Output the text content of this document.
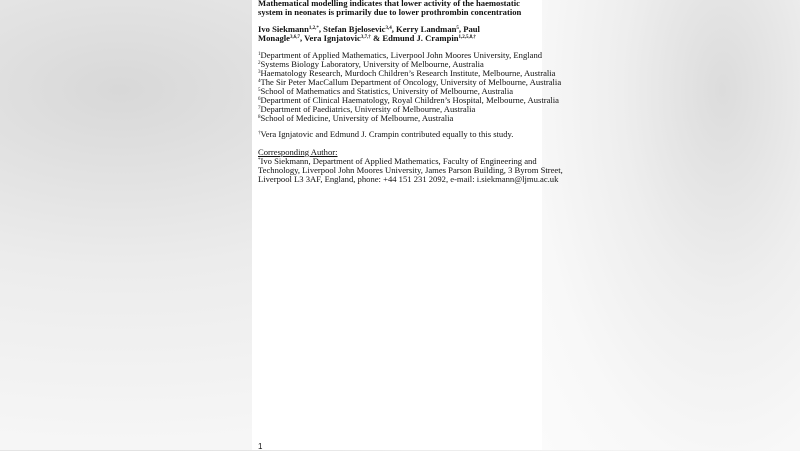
Mathematical modelling indicates that lower activity of the haemostatic
system in neonates is primarily due to lower prothrombin concentration
Ivo Siekmann$^{1,2,*}$, Stefan Bjelosevic$^{3,4}$, Kerry Landman$^5$, Paul
Monagle$^{3,6,7}$, Vera Ignjatovic$^{3,7,\dagger}$ & Edmund J. Crampin$^{1,2,5,8,\dagger}$
$^1$Department of Applied Mathematics, Liverpool John Moores University, England
$^2$Systems Biology Laboratory, University of Melbourne, Australia
$^3$Haematology Research, Murdoch Children’s Research Institute, Melbourne, Australia
$^4$The Sir Peter MacCallum Department of Oncology, University of Melbourne, Australia
$^5$School of Mathematics and Statistics, University of Melbourne, Australia
$^6$Department of Clinical Haematology, Royal Children’s Hospital, Melbourne, Australia
$^7$Department of Paediatrics, University of Melbourne, Australia
$^8$School of Medicine, University of Melbourne, Australia
†Vera Ignjatovic and Edmund J. Crampin contributed equally to this study.
Corresponding Author:
*Ivo Siekmann, Department of Applied Mathematics, Faculty of Engineering and
Technology, Liverpool John Moores University, James Parson Building, 3 Byrom Street,
Liverpool L3 3AF, England, phone: +44 151 231 2092, e-mail: i.siekmann@ljmu.ac.uk
1
